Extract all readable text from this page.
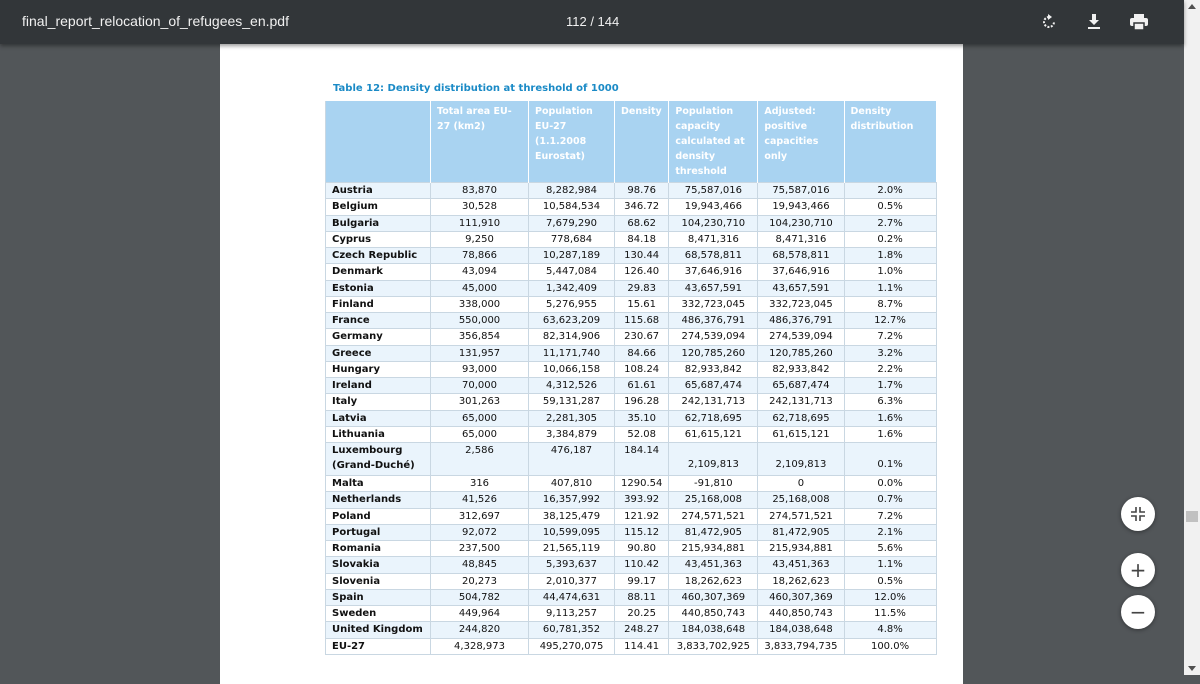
final_report_relocation_of_refugees_en.pdf	112 / 144
Table 12: Density distribution at threshold of 1000
	Total area EU-27 (km2)	Population EU-27 (1.1.2008 Eurostat)	Density	Population capacity calculated at density threshold	Adjusted: positive capacities only	Density distribution
Austria	83,870	8,282,984	98.76	75,587,016	75,587,016	2.0%
Belgium	30,528	10,584,534	346.72	19,943,466	19,943,466	0.5%
Bulgaria	111,910	7,679,290	68.62	104,230,710	104,230,710	2.7%
Cyprus	9,250	778,684	84.18	8,471,316	8,471,316	0.2%
Czech Republic	78,866	10,287,189	130.44	68,578,811	68,578,811	1.8%
Denmark	43,094	5,447,084	126.40	37,646,916	37,646,916	1.0%
Estonia	45,000	1,342,409	29.83	43,657,591	43,657,591	1.1%
Finland	338,000	5,276,955	15.61	332,723,045	332,723,045	8.7%
France	550,000	63,623,209	115.68	486,376,791	486,376,791	12.7%
Germany	356,854	82,314,906	230.67	274,539,094	274,539,094	7.2%
Greece	131,957	11,171,740	84.66	120,785,260	120,785,260	3.2%
Hungary	93,000	10,066,158	108.24	82,933,842	82,933,842	2.2%
Ireland	70,000	4,312,526	61.61	65,687,474	65,687,474	1.7%
Italy	301,263	59,131,287	196.28	242,131,713	242,131,713	6.3%
Latvia	65,000	2,281,305	35.10	62,718,695	62,718,695	1.6%
Lithuania	65,000	3,384,879	52.08	61,615,121	61,615,121	1.6%
Luxembourg (Grand-Duché)	2,586	476,187	184.14	2,109,813	2,109,813	0.1%
Malta	316	407,810	1290.54	-91,810	0	0.0%
Netherlands	41,526	16,357,992	393.92	25,168,008	25,168,008	0.7%
Poland	312,697	38,125,479	121.92	274,571,521	274,571,521	7.2%
Portugal	92,072	10,599,095	115.12	81,472,905	81,472,905	2.1%
Romania	237,500	21,565,119	90.80	215,934,881	215,934,881	5.6%
Slovakia	48,845	5,393,637	110.42	43,451,363	43,451,363	1.1%
Slovenia	20,273	2,010,377	99.17	18,262,623	18,262,623	0.5%
Spain	504,782	44,474,631	88.11	460,307,369	460,307,369	12.0%
Sweden	449,964	9,113,257	20.25	440,850,743	440,850,743	11.5%
United Kingdom	244,820	60,781,352	248.27	184,038,648	184,038,648	4.8%
EU-27	4,328,973	495,270,075	114.41	3,833,702,925	3,833,794,735	100.0%
+
−
